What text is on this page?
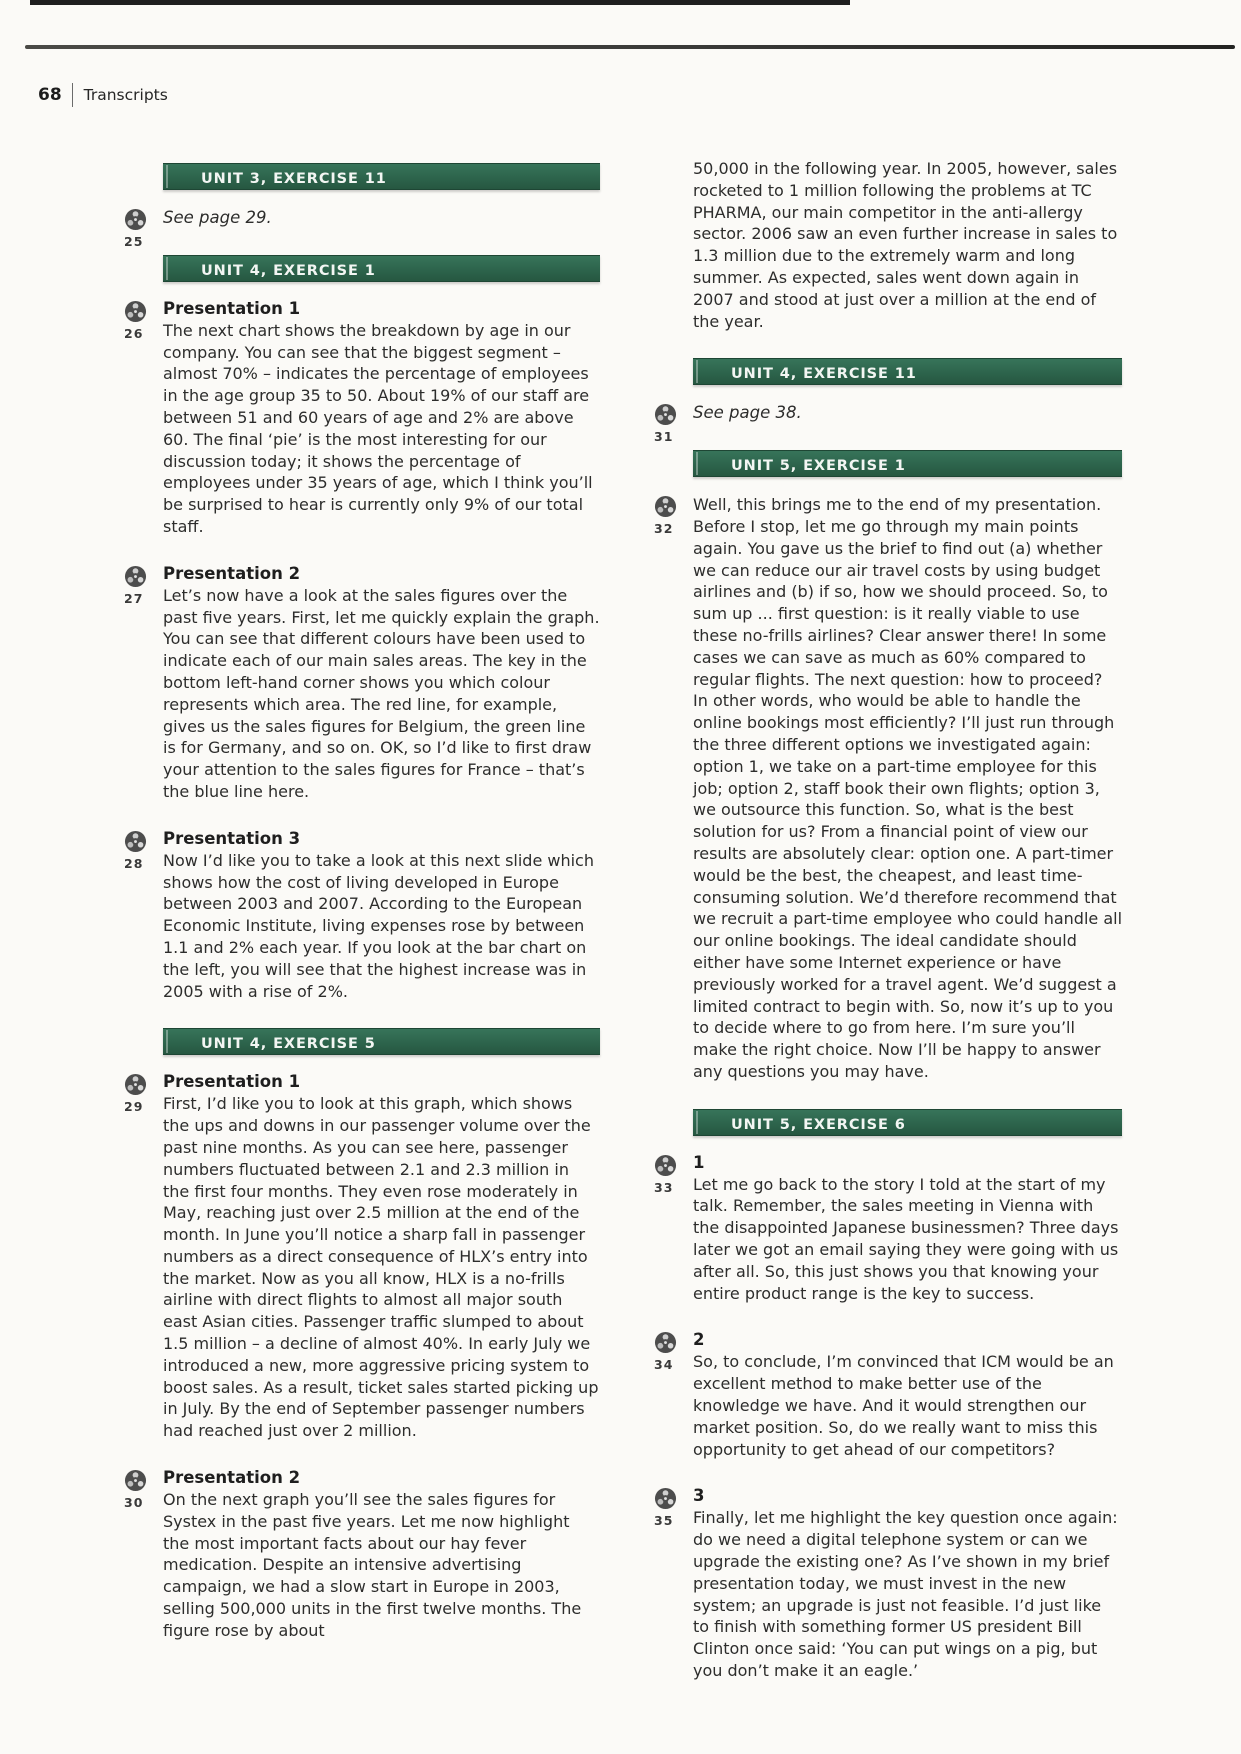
68 Transcripts
UNIT 3, EXERCISE 11
25

See page 29.

UNIT 4, EXERCISE 1
26
Presentation 1

The next chart shows the breakdown by age in our company. You can see that the biggest segment – almost 70% – indicates the percentage of employees in the age group 35 to 50. About 19% of our staff are between 51 and 60 years of age and 2% are above 60. The final ‘pie’ is the most interesting for our discussion today; it shows the percentage of employees under 35 years of age, which I think you’ll be surprised to hear is currently only 9% of our total staff.

27
Presentation 2

Let’s now have a look at the sales figures over the past five years. First, let me quickly explain the graph. You can see that different colours have been used to indicate each of our main sales areas. The key in the bottom left-hand corner shows you which colour represents which area. The red line, for example, gives us the sales figures for Belgium, the green line is for Germany, and so on. OK, so I’d like to first draw your attention to the sales figures for France – that’s the blue line here.

28
Presentation 3

Now I’d like you to take a look at this next slide which shows how the cost of living developed in Europe between 2003 and 2007. According to the European Economic Institute, living expenses rose by between 1.1 and 2% each year. If you look at the bar chart on the left, you will see that the highest increase was in 2005 with a rise of 2%.

UNIT 4, EXERCISE 5
29
Presentation 1

First, I’d like you to look at this graph, which shows the ups and downs in our passenger volume over the past nine months. As you can see here, passenger numbers fluctuated between 2.1 and 2.3 million in the first four months. They even rose moderately in May, reaching just over 2.5 million at the end of the month. In June you’ll notice a sharp fall in passenger numbers as a direct consequence of HLX’s entry into the market. Now as you all know, HLX is a no-frills airline with direct flights to almost all major south east Asian cities. Passenger traffic slumped to about 1.5 million – a decline of almost 40%. In early July we introduced a new, more aggressive pricing system to boost sales. As a result, ticket sales started picking up in July. By the end of September passenger numbers had reached just over 2 million.

30
Presentation 2

On the next graph you’ll see the sales figures for Systex in the past five years. Let me now highlight the most important facts about our hay fever medication. Despite an intensive advertising campaign, we had a slow start in Europe in 2003, selling 500,000 units in the first twelve months. The figure rose by about

50,000 in the following year. In 2005, however, sales rocketed to 1 million following the problems at TC PHARMA, our main competitor in the anti-allergy sector. 2006 saw an even further increase in sales to 1.3 million due to the extremely warm and long summer. As expected, sales went down again in 2007 and stood at just over a million at the end of the year.

UNIT 4, EXERCISE 11
31

See page 38.

UNIT 5, EXERCISE 1
32

Well, this brings me to the end of my presentation. Before I stop, let me go through my main points again. You gave us the brief to find out (a) whether we can reduce our air travel costs by using budget airlines and (b) if so, how we should proceed. So, to sum up ... first question: is it really viable to use these no-frills airlines? Clear answer there! In some cases we can save as much as 60% compared to regular flights. The next question: how to proceed? In other words, who would be able to handle the online bookings most efficiently? I’ll just run through the three different options we investigated again: option 1, we take on a part-time employee for this job; option 2, staff book their own flights; option 3, we outsource this function. So, what is the best solution for us? From a financial point of view our results are absolutely clear: option one. A part-timer would be the best, the cheapest, and least time-consuming solution. We’d therefore recommend that we recruit a part-time employee who could handle all our online bookings. The ideal candidate should either have some Internet experience or have previously worked for a travel agent. We’d suggest a limited contract to begin with. So, now it’s up to you to decide where to go from here. I’m sure you’ll make the right choice. Now I’ll be happy to answer any questions you may have.

UNIT 5, EXERCISE 6
33
1

Let me go back to the story I told at the start of my talk. Remember, the sales meeting in Vienna with the disappointed Japanese businessmen? Three days later we got an email saying they were going with us after all. So, this just shows you that knowing your entire product range is the key to success.

34
2

So, to conclude, I’m convinced that ICM would be an excellent method to make better use of the knowledge we have. And it would strengthen our market position. So, do we really want to miss this opportunity to get ahead of our competitors?

35
3

Finally, let me highlight the key question once again: do we need a digital telephone system or can we upgrade the existing one? As I’ve shown in my brief presentation today, we must invest in the new system; an upgrade is just not feasible. I’d just like to finish with something former US president Bill Clinton once said: ‘You can put wings on a pig, but you don’t make it an eagle.’
